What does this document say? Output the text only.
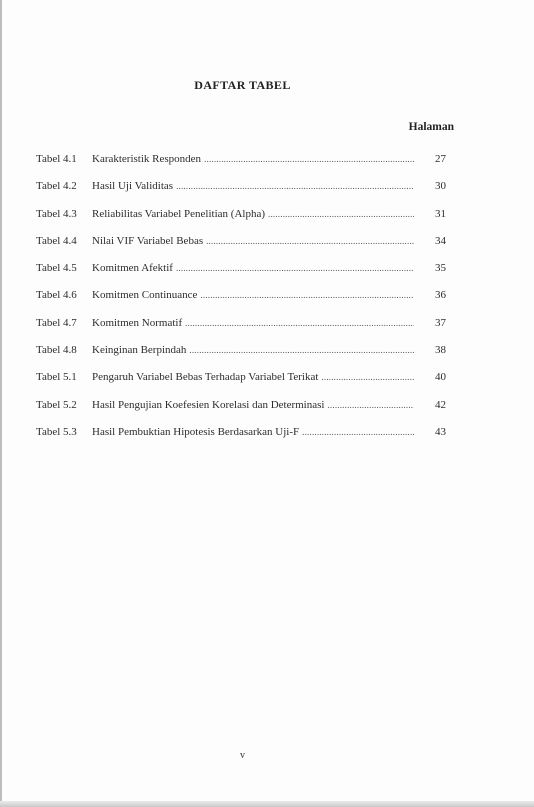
DAFTAR TABEL
Halaman
Tabel 4.1	Karakteristik Responden .....	27
Tabel 4.2	Hasil Uji Validitas .....	30
Tabel 4.3	Reliabilitas Variabel Penelitian (Alpha) .....	31
Tabel 4.4	Nilai VIF Variabel Bebas .....	34
Tabel 4.5	Komitmen Afektif .....	35
Tabel 4.6	Komitmen Continuance .....	36
Tabel 4.7	Komitmen Normatif .....	37
Tabel 4.8	Keinginan Berpindah .....	38
Tabel 5.1	Pengaruh Variabel Bebas Terhadap Variabel Terikat .....	40
Tabel 5.2	Hasil Pengujian Koefesien Korelasi dan Determinasi .....	42
Tabel 5.3	Hasil Pembuktian Hipotesis Berdasarkan Uji-F .....	43
v
